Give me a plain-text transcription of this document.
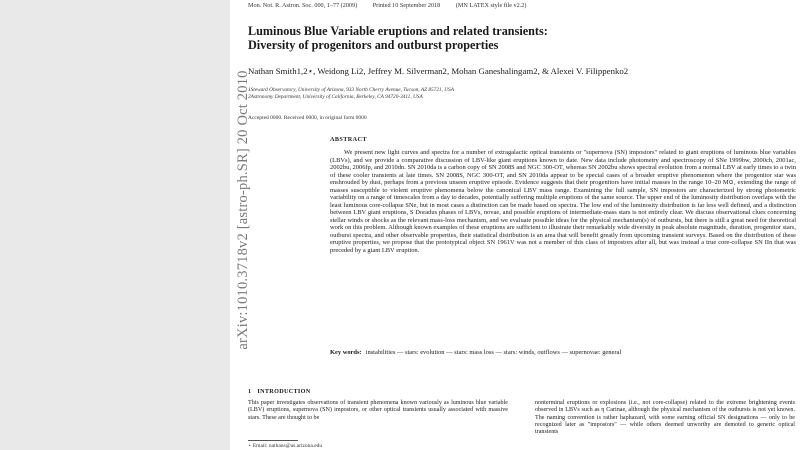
Mon. Not. R. Astron. Soc. 000, 1–77 (2009)	Printed 10 September 2018	(MN LATEX style file v2.2)
Luminous Blue Variable eruptions and related transients:
Diversity of progenitors and outburst properties
Nathan Smith1,2⋆, Weidong Li2, Jeffrey M. Silverman2, Mohan Ganeshalingam2, & Alexei V. Filippenko2
1Steward Observatory, University of Arizona, 933 North Cherry Avenue, Tucson, AZ 85721, USA
2Astronomy Department, University of California, Berkeley, CA 94720-3411, USA
Accepted 0000. Received 0000, in original form 0000
ABSTRACT

We present new light curves and spectra for a number of extragalactic optical transients or "supernova (SN) impostors" related to giant eruptions of luminous blue variables (LBVs), and we provide a comparative discussion of LBV-like giant eruptions known to date. New data include photometry and spectroscopy of SNe 1999bw, 2000ch, 2001ac, 2002bu, 2006fp, and 2010dn. SN 2010da is a carbon copy of SN 2008S and NGC 300-OT, whereas SN 2002bu shows spectral evolution from a normal LBV at early times to a twin of these cooler transients at late times. SN 2008S, NGC 300-OT, and SN 2010da appear to be special cases of a broader eruptive phenomenon where the progenitor star was enshrouded by dust, perhaps from a previous unseen eruptive episode. Evidence suggests that their progenitors have initial masses in the range 10–20 M⊙, extending the range of masses susceptible to violent eruptive phenomena below the canonical LBV mass range. Examining the full sample, SN impostors are characterized by strong photometric variability on a range of timescales from a day to decades, potentially suffering multiple eruptions of the same source. The upper end of the luminosity distribution overlaps with the least luminous core-collapse SNe, but in most cases a distinction can be made based on spectra. The low end of the luminosity distribution is far less well defined, and a distinction between LBV giant eruptions, S Doradus phases of LBVs, novae, and possible eruptions of intermediate-mass stars is not entirely clear. We discuss observational clues concerning stellar winds or shocks as the relevant mass-loss mechanism, and we evaluate possible ideas for the physical mechanism(s) of outbursts, but there is still a great need for theoretical work on this problem. Although known examples of these eruptions are sufficient to illustrate their remarkably wide diversity in peak absolute magnitude, duration, progenitor stars, outburst spectra, and other observable properties, their statistical distribution is an area that will benefit greatly from upcoming transient surveys. Based on the distribution of these eruptive properties, we propose that the prototypical object SN 1961V was not a member of this class of impostors after all, but was instead a true core-collapse SN IIn that was preceded by a giant LBV eruption.

Key words: instabilities — stars: evolution — stars: mass loss — stars: winds, outflows — supernovae: general
1 INTRODUCTION

This paper investigates observations of transient phenomena known variously as luminous blue variable (LBV) eruptions, supernova (SN) impostors, or other optical transients usually associated with massive stars. These are thought to be

nonterminal eruptions or explosions (i.e., not core-collapse) related to the extreme brightening events observed in LBVs such as η Carinae, although the physical mechanism of the outbursts is not yet known. The naming convention is rather haphazard, with some earning official SN designations — only to be recognized later as "impostors" — while others deemed unworthy are demoted to generic optical transients

⋆ Email: nathans@as.arizona.edu
arXiv:1010.3718v2 [astro-ph.SR] 20 Oct 2010
